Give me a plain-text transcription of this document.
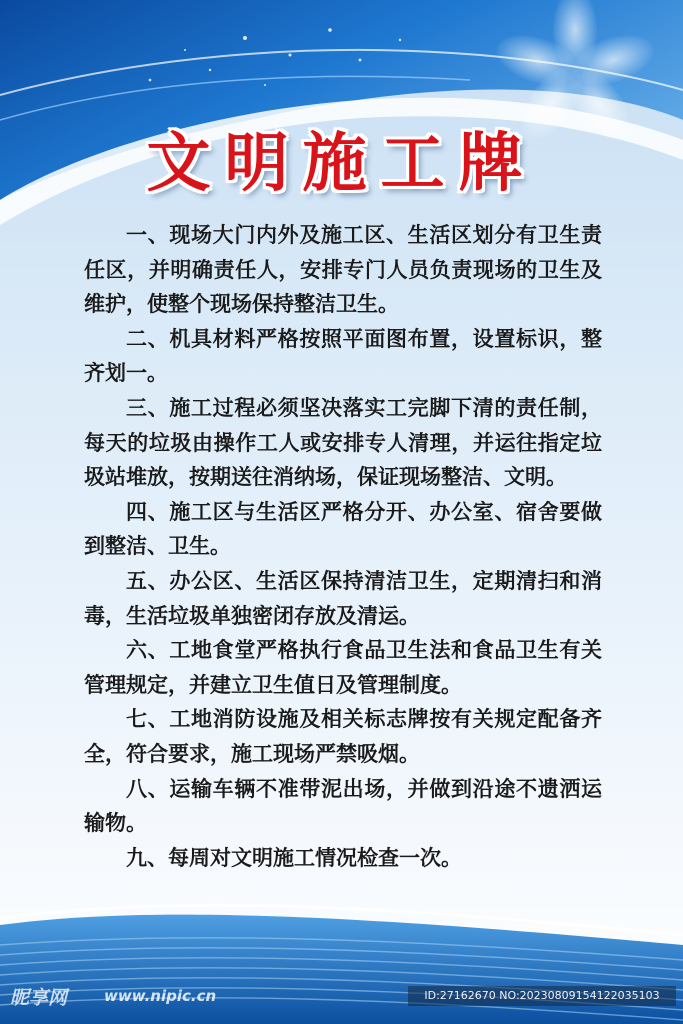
文明施工牌

一、现场大门内外及施工区、生活区划分有卫生责任区，并明确责任人，安排专门人员负责现场的卫生及维护，使整个现场保持整洁卫生。

二、机具材料严格按照平面图布置，设置标识，整齐划一。

三、施工过程必须坚决落实工完脚下清的责任制，每天的垃圾由操作工人或安排专人清理，并运往指定垃圾站堆放，按期送往消纳场，保证现场整洁、文明。

四、施工区与生活区严格分开、办公室、宿舍要做到整洁、卫生。

五、办公区、生活区保持清洁卫生，定期清扫和消毒，生活垃圾单独密闭存放及清运。

六、工地食堂严格执行食品卫生法和食品卫生有关管理规定，并建立卫生值日及管理制度。

七、工地消防设施及相关标志牌按有关规定配备齐全，符合要求，施工现场严禁吸烟。

八、运输车辆不准带泥出场，并做到沿途不遗洒运输物。

九、每周对文明施工情况检查一次。

昵享网 www.nipic.cn	ID:27162670 NO:20230809154122035103
